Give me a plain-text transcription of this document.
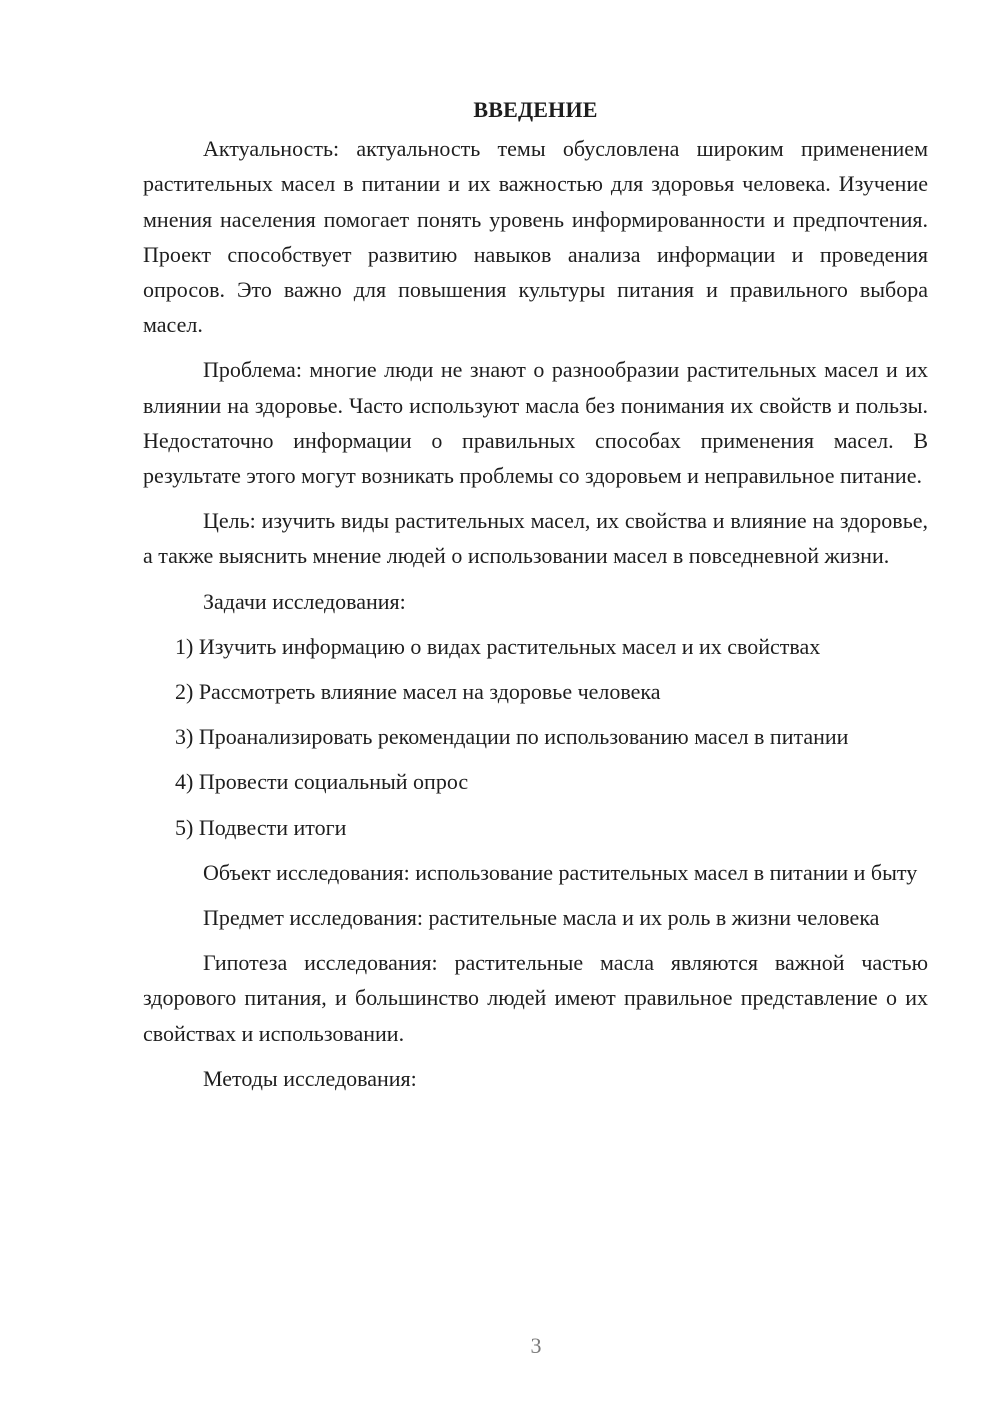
ВВЕДЕНИЕ

Актуальность: актуальность темы обусловлена широким применением растительных масел в питании и их важностью для здоровья человека. Изучение мнения населения помогает понять уровень информированности и предпочтения. Проект способствует развитию навыков анализа информации и проведения опросов. Это важно для повышения культуры питания и правильного выбора масел.

Проблема: многие люди не знают о разнообразии растительных масел и их влиянии на здоровье. Часто используют масла без понимания их свойств и пользы. Недостаточно информации о правильных способах применения масел. В результате этого могут возникать проблемы со здоровьем и неправильное питание.

Цель: изучить виды растительных масел, их свойства и влияние на здоровье, а также выяснить мнение людей о использовании масел в повседневной жизни.

Задачи исследования:

1) Изучить информацию о видах растительных масел и их свойствах

2) Рассмотреть влияние масел на здоровье человека

3) Проанализировать рекомендации по использованию масел в питании

4) Провести социальный опрос

5) Подвести итоги

Объект исследования: использование растительных масел в питании и быту

Предмет исследования: растительные масла и их роль в жизни человека

Гипотеза исследования: растительные масла являются важной частью здорового питания, и большинство людей имеют правильное представление о их свойствах и использовании.

Методы исследования:

3
